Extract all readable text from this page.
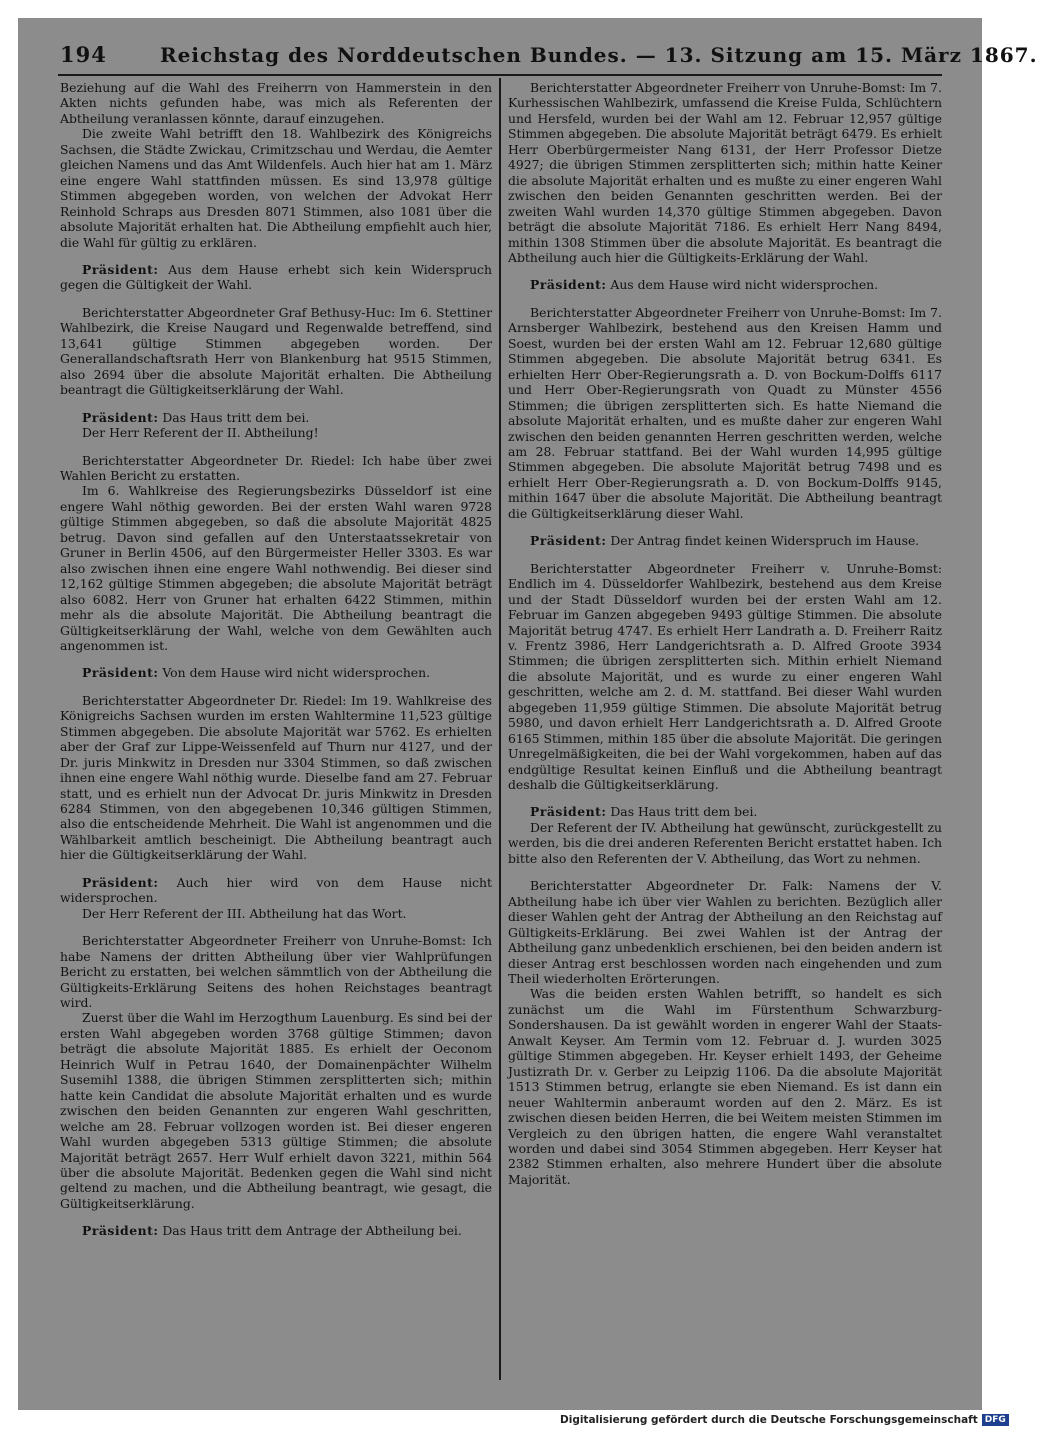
194	Reichstag des Norddeutschen Bundes. — 13. Sitzung am 15. März 1867.

Beziehung auf die Wahl des Freiherrn von Hammerstein in den Akten nichts gefunden habe, was mich als Referenten der Abtheilung veranlassen könnte, darauf einzugehen.

Die zweite Wahl betrifft den 18. Wahlbezirk des Königreichs Sachsen, die Städte Zwickau, Crimitzschau und Werdau, die Aemter gleichen Namens und das Amt Wildenfels. Auch hier hat am 1. März eine engere Wahl stattfinden müssen. Es sind 13,978 gültige Stimmen abgegeben worden, von welchen der Advokat Herr Reinhold Schraps aus Dresden 8071 Stimmen, also 1081 über die absolute Majorität erhalten hat. Die Abtheilung empfiehlt auch hier, die Wahl für gültig zu erklären.

Präsident: Aus dem Hause erhebt sich kein Widerspruch gegen die Gültigkeit der Wahl.

Berichterstatter Abgeordneter Graf Bethusy-Huc: Im 6. Stettiner Wahlbezirk, die Kreise Naugard und Regenwalde betreffend, sind 13,641 gültige Stimmen abgegeben worden. Der Generallandschaftsrath Herr von Blankenburg hat 9515 Stimmen, also 2694 über die absolute Majorität erhalten. Die Abtheilung beantragt die Gültigkeitserklärung der Wahl.

Präsident: Das Haus tritt dem bei.

Der Herr Referent der II. Abtheilung!

Berichterstatter Abgeordneter Dr. Riedel: Ich habe über zwei Wahlen Bericht zu erstatten.

Im 6. Wahlkreise des Regierungsbezirks Düsseldorf ist eine engere Wahl nöthig geworden. Bei der ersten Wahl waren 9728 gültige Stimmen abgegeben, so daß die absolute Majorität 4825 betrug. Davon sind gefallen auf den Unterstaatssekretair von Gruner in Berlin 4506, auf den Bürgermeister Heller 3303. Es war also zwischen ihnen eine engere Wahl nothwendig. Bei dieser sind 12,162 gültige Stimmen abgegeben; die absolute Majorität beträgt also 6082. Herr von Gruner hat erhalten 6422 Stimmen, mithin mehr als die absolute Majorität. Die Abtheilung beantragt die Gültigkeitserklärung der Wahl, welche von dem Gewählten auch angenommen ist.

Präsident: Von dem Hause wird nicht widersprochen.

Berichterstatter Abgeordneter Dr. Riedel: Im 19. Wahlkreise des Königreichs Sachsen wurden im ersten Wahltermine 11,523 gültige Stimmen abgegeben. Die absolute Majorität war 5762. Es erhielten aber der Graf zur Lippe-Weissenfeld auf Thurn nur 4127, und der Dr. juris Minkwitz in Dresden nur 3304 Stimmen, so daß zwischen ihnen eine engere Wahl nöthig wurde. Dieselbe fand am 27. Februar statt, und es erhielt nun der Advocat Dr. juris Minkwitz in Dresden 6284 Stimmen, von den abgegebenen 10,346 gültigen Stimmen, also die entscheidende Mehrheit. Die Wahl ist angenommen und die Wählbarkeit amtlich bescheinigt. Die Abtheilung beantragt auch hier die Gültigkeitserklärung der Wahl.

Präsident: Auch hier wird von dem Hause nicht widersprochen.

Der Herr Referent der III. Abtheilung hat das Wort.

Berichterstatter Abgeordneter Freiherr von Unruhe-Bomst: Ich habe Namens der dritten Abtheilung über vier Wahlprüfungen Bericht zu erstatten, bei welchen sämmtlich von der Abtheilung die Gültigkeits-Erklärung Seitens des hohen Reichstages beantragt wird.

Zuerst über die Wahl im Herzogthum Lauenburg. Es sind bei der ersten Wahl abgegeben worden 3768 gültige Stimmen; davon beträgt die absolute Majorität 1885. Es erhielt der Oeconom Heinrich Wulf in Petrau 1640, der Domainenpächter Wilhelm Susemihl 1388, die übrigen Stimmen zersplitterten sich; mithin hatte kein Candidat die absolute Majorität erhalten und es wurde zwischen den beiden Genannten zur engeren Wahl geschritten, welche am 28. Februar vollzogen worden ist. Bei dieser engeren Wahl wurden abgegeben 5313 gültige Stimmen; die absolute Majorität beträgt 2657. Herr Wulf erhielt davon 3221, mithin 564 über die absolute Majorität. Bedenken gegen die Wahl sind nicht geltend zu machen, und die Abtheilung beantragt, wie gesagt, die Gültigkeitserklärung.

Präsident: Das Haus tritt dem Antrage der Abtheilung bei.

Berichterstatter Abgeordneter Freiherr von Unruhe-Bomst: Im 7. Kurhessischen Wahlbezirk, umfassend die Kreise Fulda, Schlüchtern und Hersfeld, wurden bei der Wahl am 12. Februar 12,957 gültige Stimmen abgegeben. Die absolute Majorität beträgt 6479. Es erhielt Herr Oberbürgermeister Nang 6131, der Herr Professor Dietze 4927; die übrigen Stimmen zersplitterten sich; mithin hatte Keiner die absolute Majorität erhalten und es mußte zu einer engeren Wahl zwischen den beiden Genannten geschritten werden. Bei der zweiten Wahl wurden 14,370 gültige Stimmen abgegeben. Davon beträgt die absolute Majorität 7186. Es erhielt Herr Nang 8494, mithin 1308 Stimmen über die absolute Majorität. Es beantragt die Abtheilung auch hier die Gültigkeits-Erklärung der Wahl.

Präsident: Aus dem Hause wird nicht widersprochen.

Berichterstatter Abgeordneter Freiherr von Unruhe-Bomst: Im 7. Arnsberger Wahlbezirk, bestehend aus den Kreisen Hamm und Soest, wurden bei der ersten Wahl am 12. Februar 12,680 gültige Stimmen abgegeben. Die absolute Majorität betrug 6341. Es erhielten Herr Ober-Regierungsrath a. D. von Bockum-Dolffs 6117 und Herr Ober-Regierungsrath von Quadt zu Münster 4556 Stimmen; die übrigen zersplitterten sich. Es hatte Niemand die absolute Majorität erhalten, und es mußte daher zur engeren Wahl zwischen den beiden genannten Herren geschritten werden, welche am 28. Februar stattfand. Bei der Wahl wurden 14,995 gültige Stimmen abgegeben. Die absolute Majorität betrug 7498 und es erhielt Herr Ober-Regierungsrath a. D. von Bockum-Dolffs 9145, mithin 1647 über die absolute Majorität. Die Abtheilung beantragt die Gültigkeitserklärung dieser Wahl.

Präsident: Der Antrag findet keinen Widerspruch im Hause.

Berichterstatter Abgeordneter Freiherr v. Unruhe-Bomst: Endlich im 4. Düsseldorfer Wahlbezirk, bestehend aus dem Kreise und der Stadt Düsseldorf wurden bei der ersten Wahl am 12. Februar im Ganzen abgegeben 9493 gültige Stimmen. Die absolute Majorität betrug 4747. Es erhielt Herr Landrath a. D. Freiherr Raitz v. Frentz 3986, Herr Landgerichtsrath a. D. Alfred Groote 3934 Stimmen; die übrigen zersplitterten sich. Mithin erhielt Niemand die absolute Majorität, und es wurde zu einer engeren Wahl geschritten, welche am 2. d. M. stattfand. Bei dieser Wahl wurden abgegeben 11,959 gültige Stimmen. Die absolute Majorität betrug 5980, und davon erhielt Herr Landgerichtsrath a. D. Alfred Groote 6165 Stimmen, mithin 185 über die absolute Majorität. Die geringen Unregelmäßigkeiten, die bei der Wahl vorgekommen, haben auf das endgültige Resultat keinen Einfluß und die Abtheilung beantragt deshalb die Gültigkeitserklärung.

Präsident: Das Haus tritt dem bei.

Der Referent der IV. Abtheilung hat gewünscht, zurückgestellt zu werden, bis die drei anderen Referenten Bericht erstattet haben. Ich bitte also den Referenten der V. Abtheilung, das Wort zu nehmen.

Berichterstatter Abgeordneter Dr. Falk: Namens der V. Abtheilung habe ich über vier Wahlen zu berichten. Bezüglich aller dieser Wahlen geht der Antrag der Abtheilung an den Reichstag auf Gültigkeits-Erklärung. Bei zwei Wahlen ist der Antrag der Abtheilung ganz unbedenklich erschienen, bei den beiden andern ist dieser Antrag erst beschlossen worden nach eingehenden und zum Theil wiederholten Erörterungen.

Was die beiden ersten Wahlen betrifft, so handelt es sich zunächst um die Wahl im Fürstenthum Schwarzburg-Sondershausen. Da ist gewählt worden in engerer Wahl der Staats-Anwalt Keyser. Am Termin vom 12. Februar d. J. wurden 3025 gültige Stimmen abgegeben. Hr. Keyser erhielt 1493, der Geheime Justizrath Dr. v. Gerber zu Leipzig 1106. Da die absolute Majorität 1513 Stimmen betrug, erlangte sie eben Niemand. Es ist dann ein neuer Wahltermin anberaumt worden auf den 2. März. Es ist zwischen diesen beiden Herren, die bei Weitem meisten Stimmen im Vergleich zu den übrigen hatten, die engere Wahl veranstaltet worden und dabei sind 3054 Stimmen abgegeben. Herr Keyser hat 2382 Stimmen erhalten, also mehrere Hundert über die absolute Majorität.

Digitalisierung gefördert durch die Deutsche Forschungsgemeinschaft DFG
